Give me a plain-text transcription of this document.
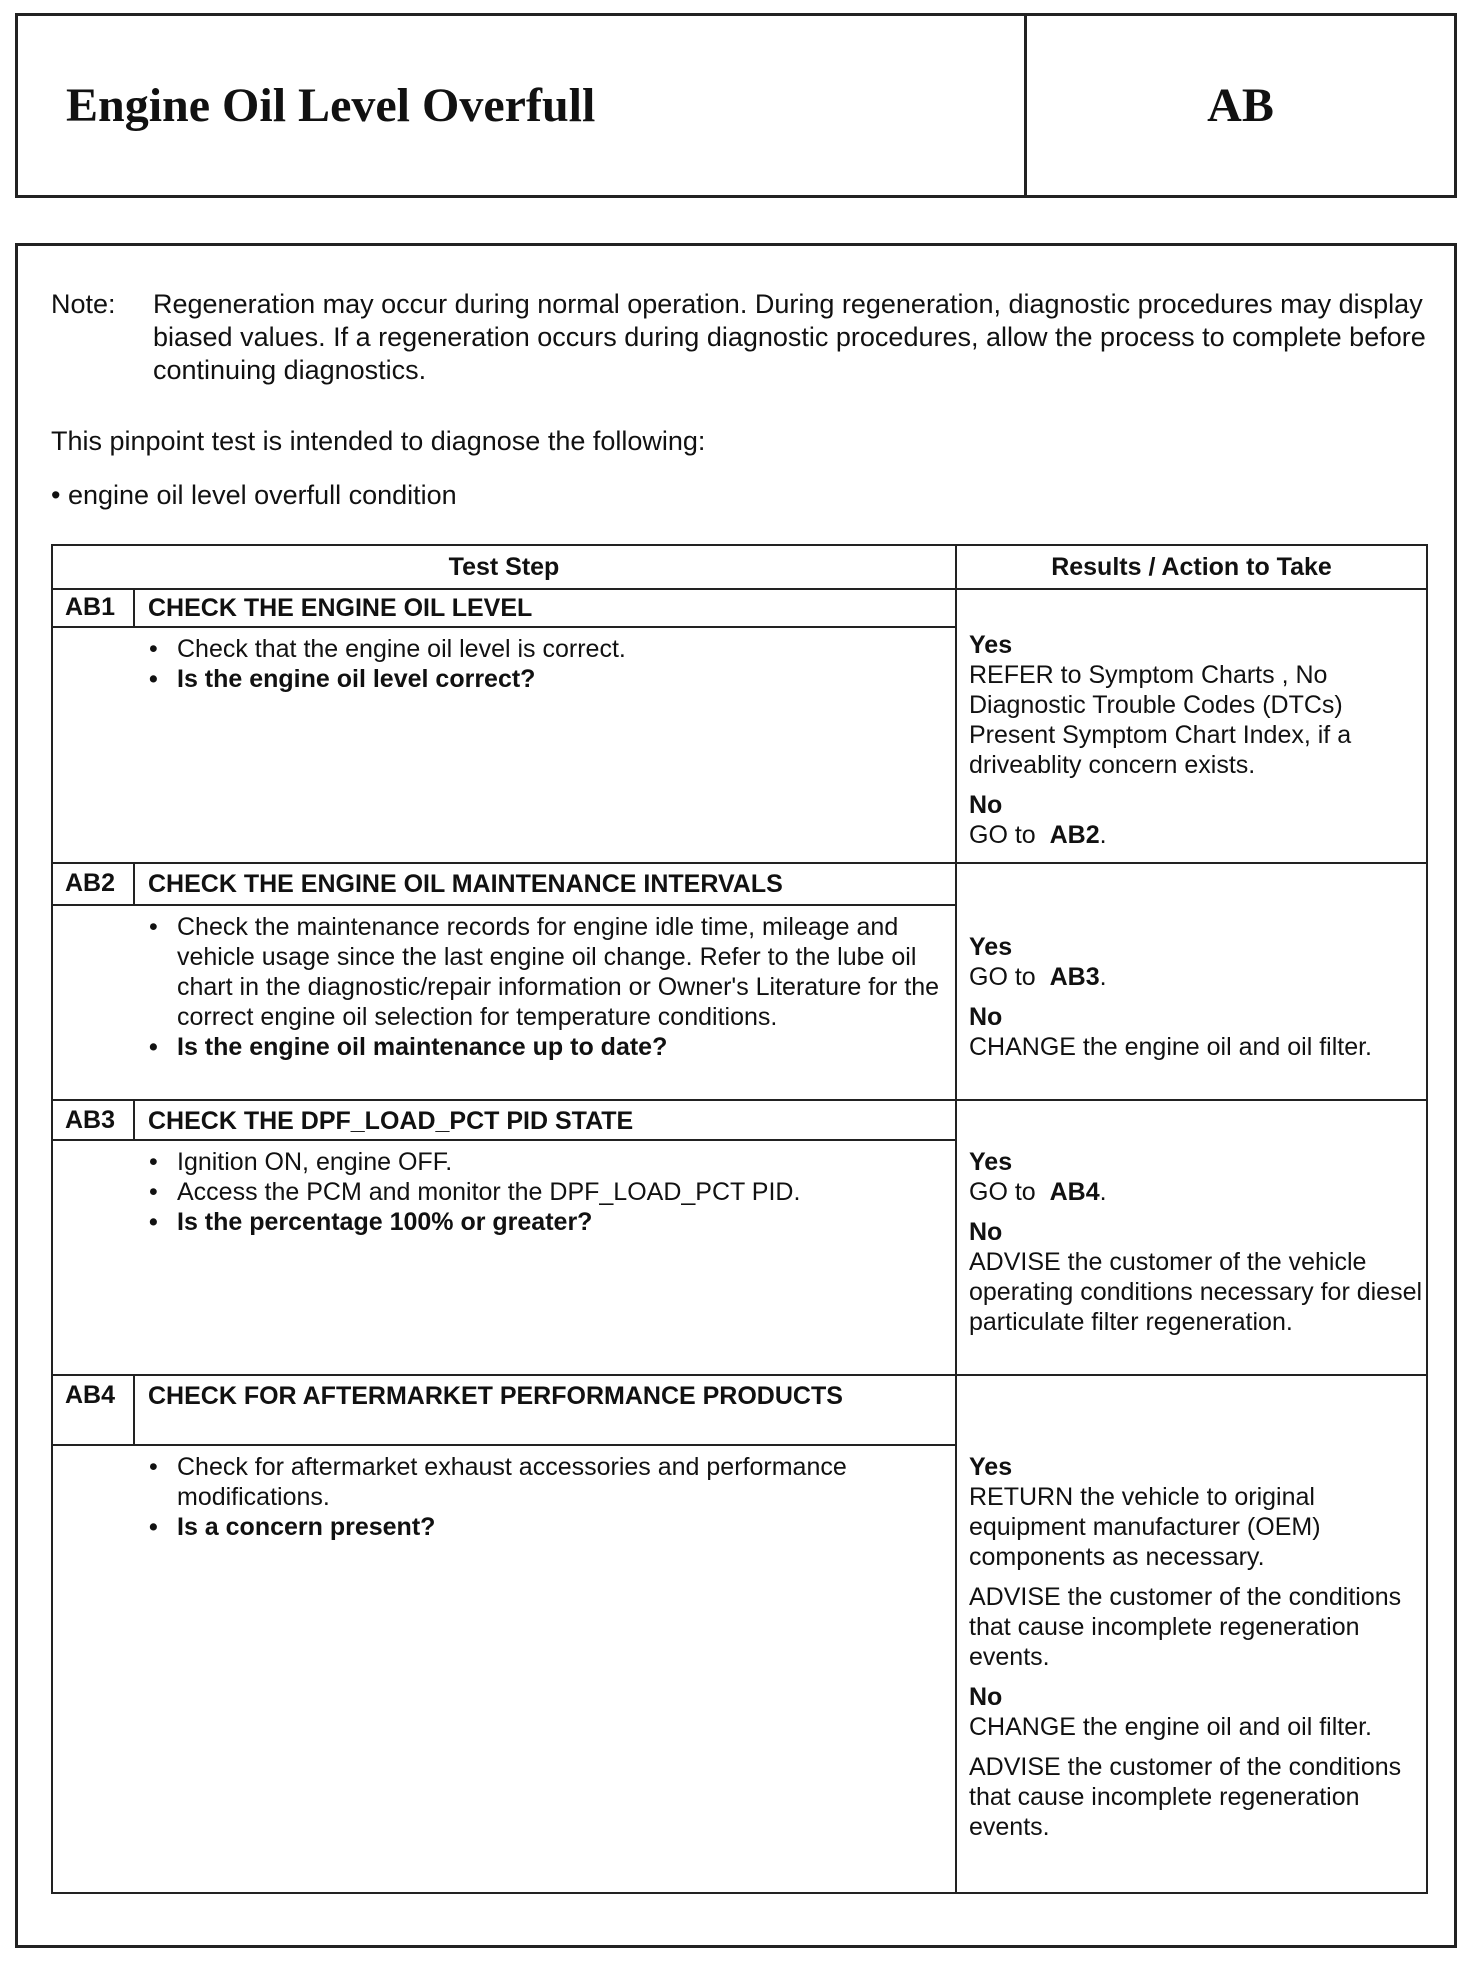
Engine Oil Level Overfull	AB
Note:	Regeneration may occur during normal operation. During regeneration, diagnostic procedures may display biased values. If a regeneration occurs during diagnostic procedures, allow the process to complete before continuing diagnostics.
This pinpoint test is intended to diagnose the following:
• engine oil level overfull condition
Test Step	Results / Action to Take
AB1	CHECK THE ENGINE OIL LEVEL
• Check that the engine oil level is correct.
• Is the engine oil level correct?

Yes

REFER to Symptom Charts , No Diagnostic Trouble Codes (DTCs) Present Symptom Chart Index, if a driveablity concern exists.

No

GO to AB2.

AB2	CHECK THE ENGINE OIL MAINTENANCE INTERVALS
• Check the maintenance records for engine idle time, mileage and vehicle usage since the last engine oil change. Refer to the lube oil chart in the diagnostic/repair information or Owner's Literature for the correct engine oil selection for temperature conditions.
• Is the engine oil maintenance up to date?

Yes

GO to AB3.

No

CHANGE the engine oil and oil filter.

AB3	CHECK THE DPF_LOAD_PCT PID STATE
• Ignition ON, engine OFF.
• Access the PCM and monitor the DPF_LOAD_PCT PID.
• Is the percentage 100% or greater?

Yes

GO to AB4.

No

ADVISE the customer of the vehicle operating conditions necessary for diesel particulate filter regeneration.

AB4	CHECK FOR AFTERMARKET PERFORMANCE PRODUCTS
• Check for aftermarket exhaust accessories and performance modifications.
• Is a concern present?

Yes

RETURN the vehicle to original equipment manufacturer (OEM) components as necessary.

ADVISE the customer of the conditions that cause incomplete regeneration events.

No

CHANGE the engine oil and oil filter.

ADVISE the customer of the conditions that cause incomplete regeneration events.
